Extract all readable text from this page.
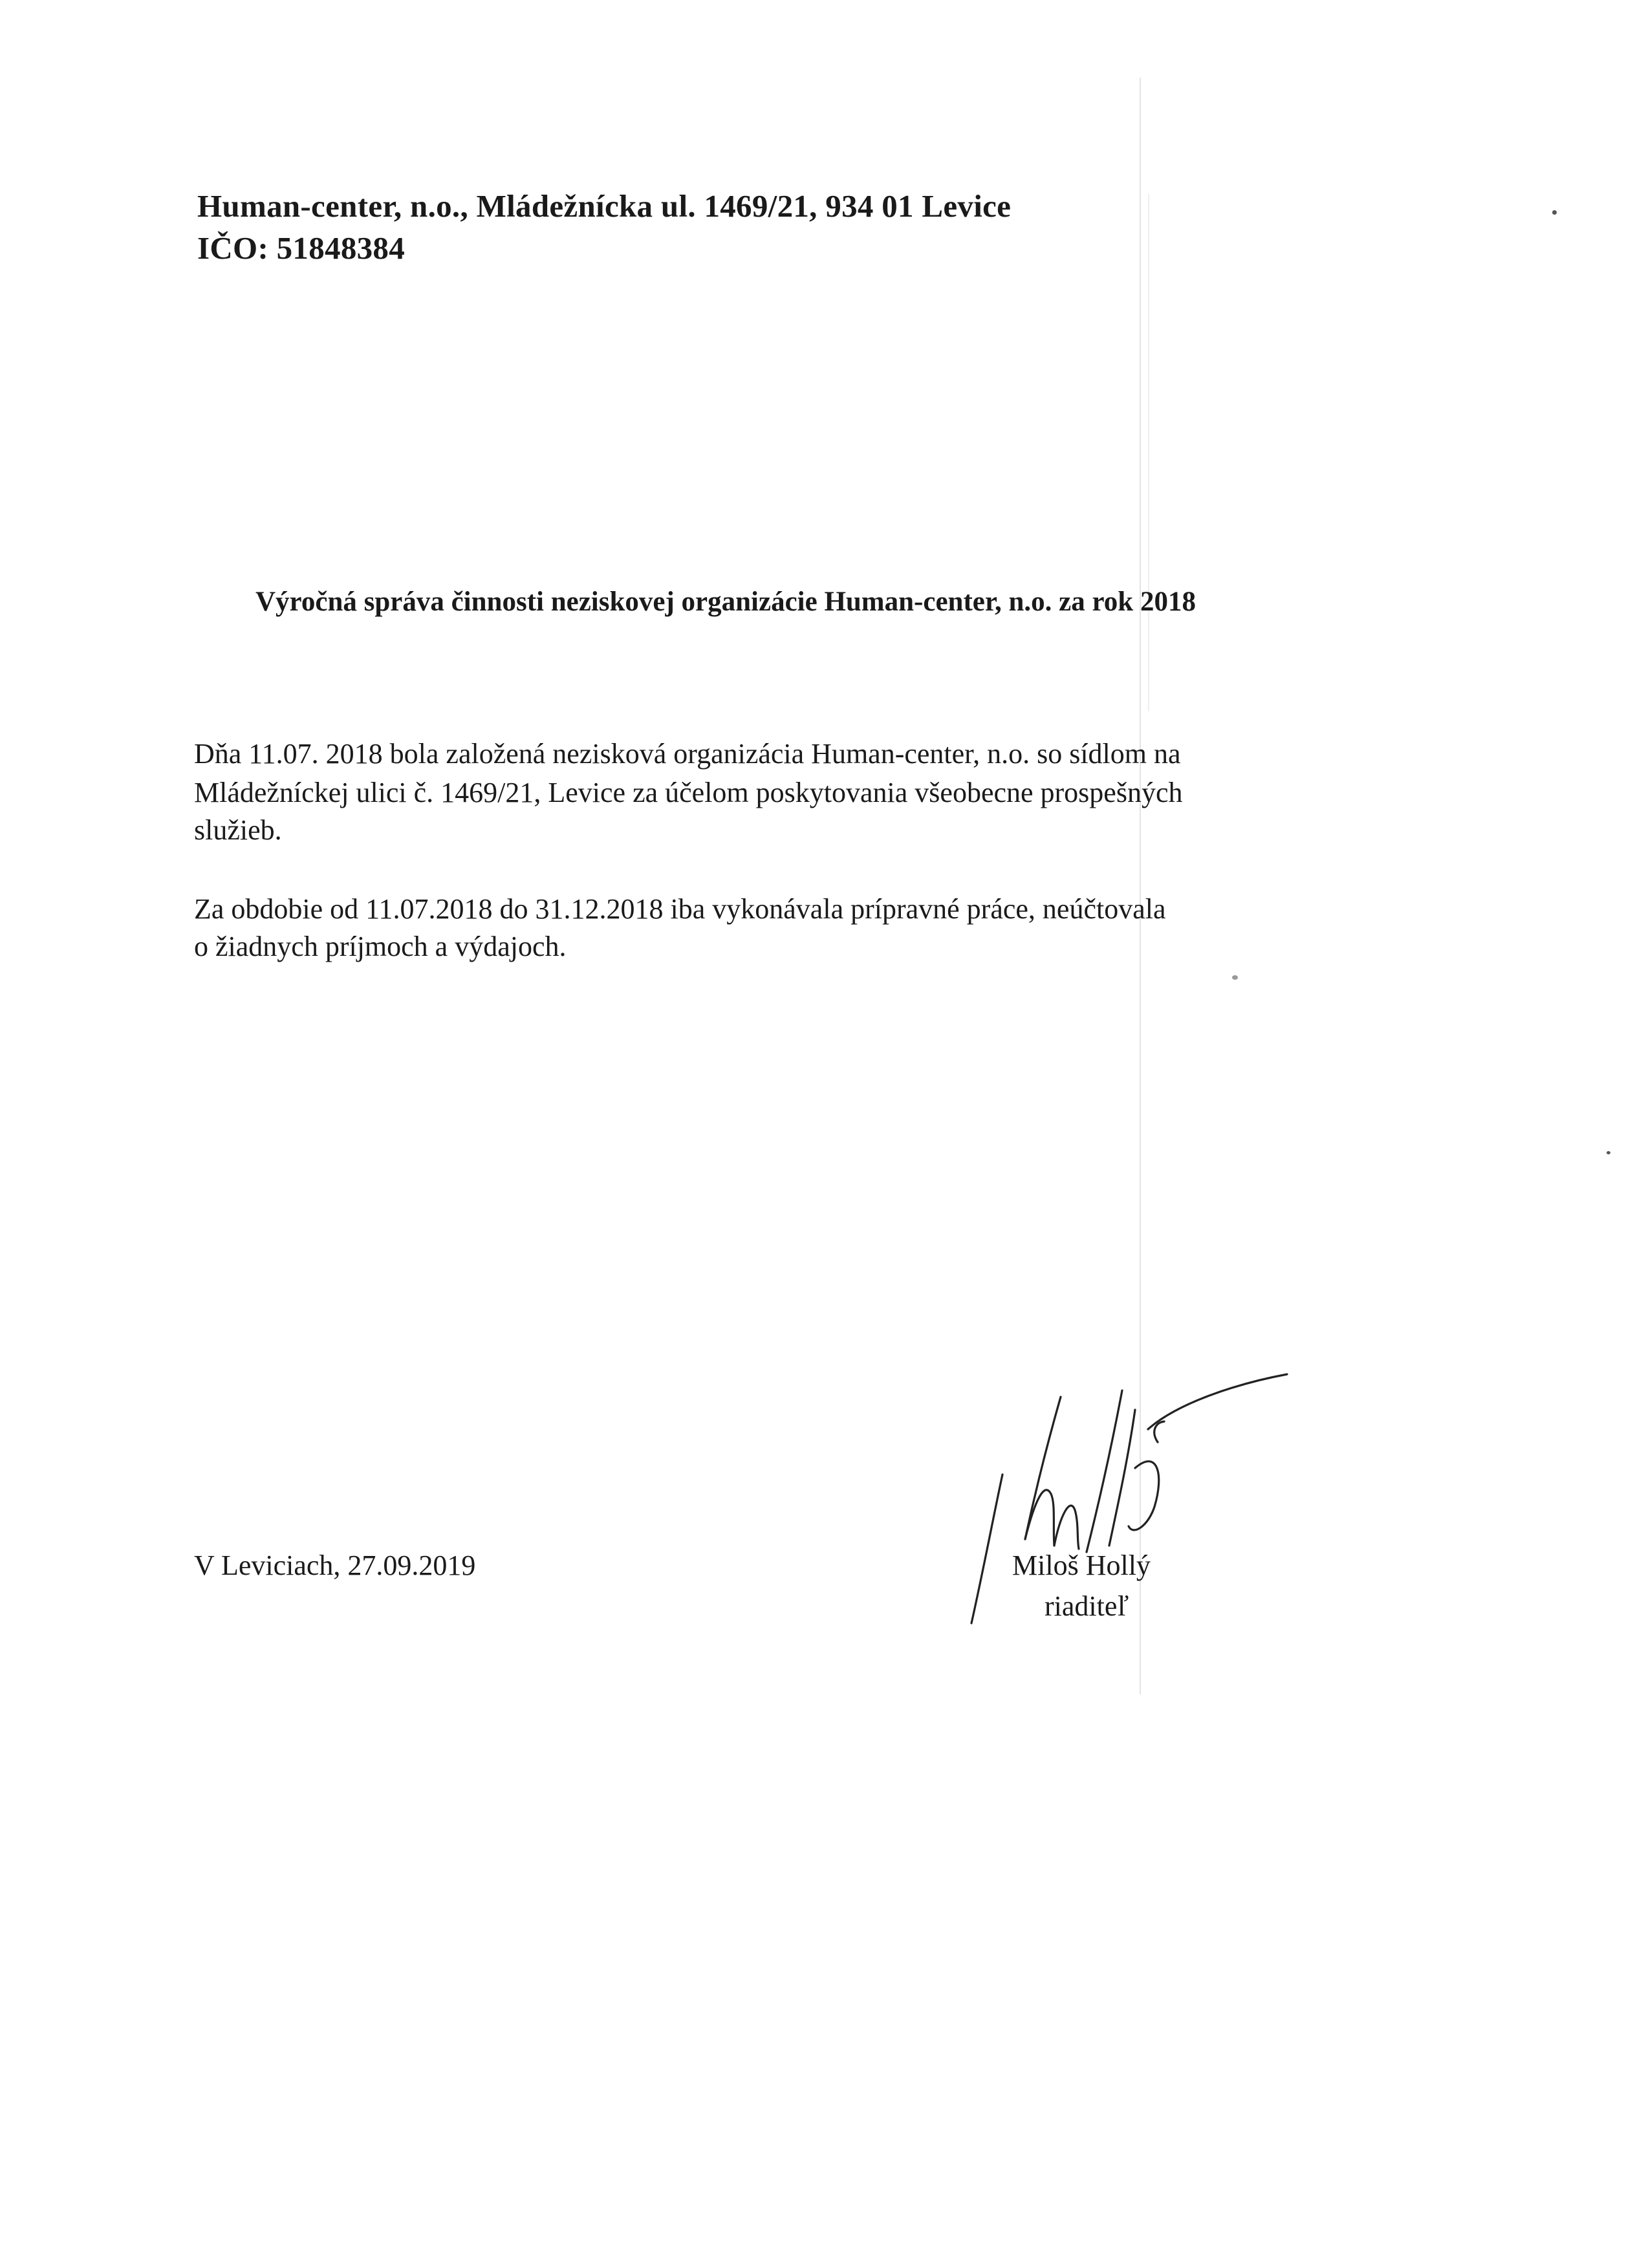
Human-center, n.o., Mládežnícka ul. 1469/21, 934 01 Levice
IČO: 51848384
Výročná správa činnosti neziskovej organizácie Human-center, n.o. za rok 2018
Dňa 11.07. 2018 bola založená nezisková organizácia Human-center, n.o. so sídlom na
Mládežníckej ulici č. 1469/21, Levice za účelom poskytovania všeobecne prospešných
služieb.
Za obdobie od 11.07.2018 do 31.12.2018 iba vykonávala prípravné práce, neúčtovala
o žiadnych príjmoch a výdajoch.
V Leviciach, 27.09.2019	Miloš Hollý
riaditeľ
